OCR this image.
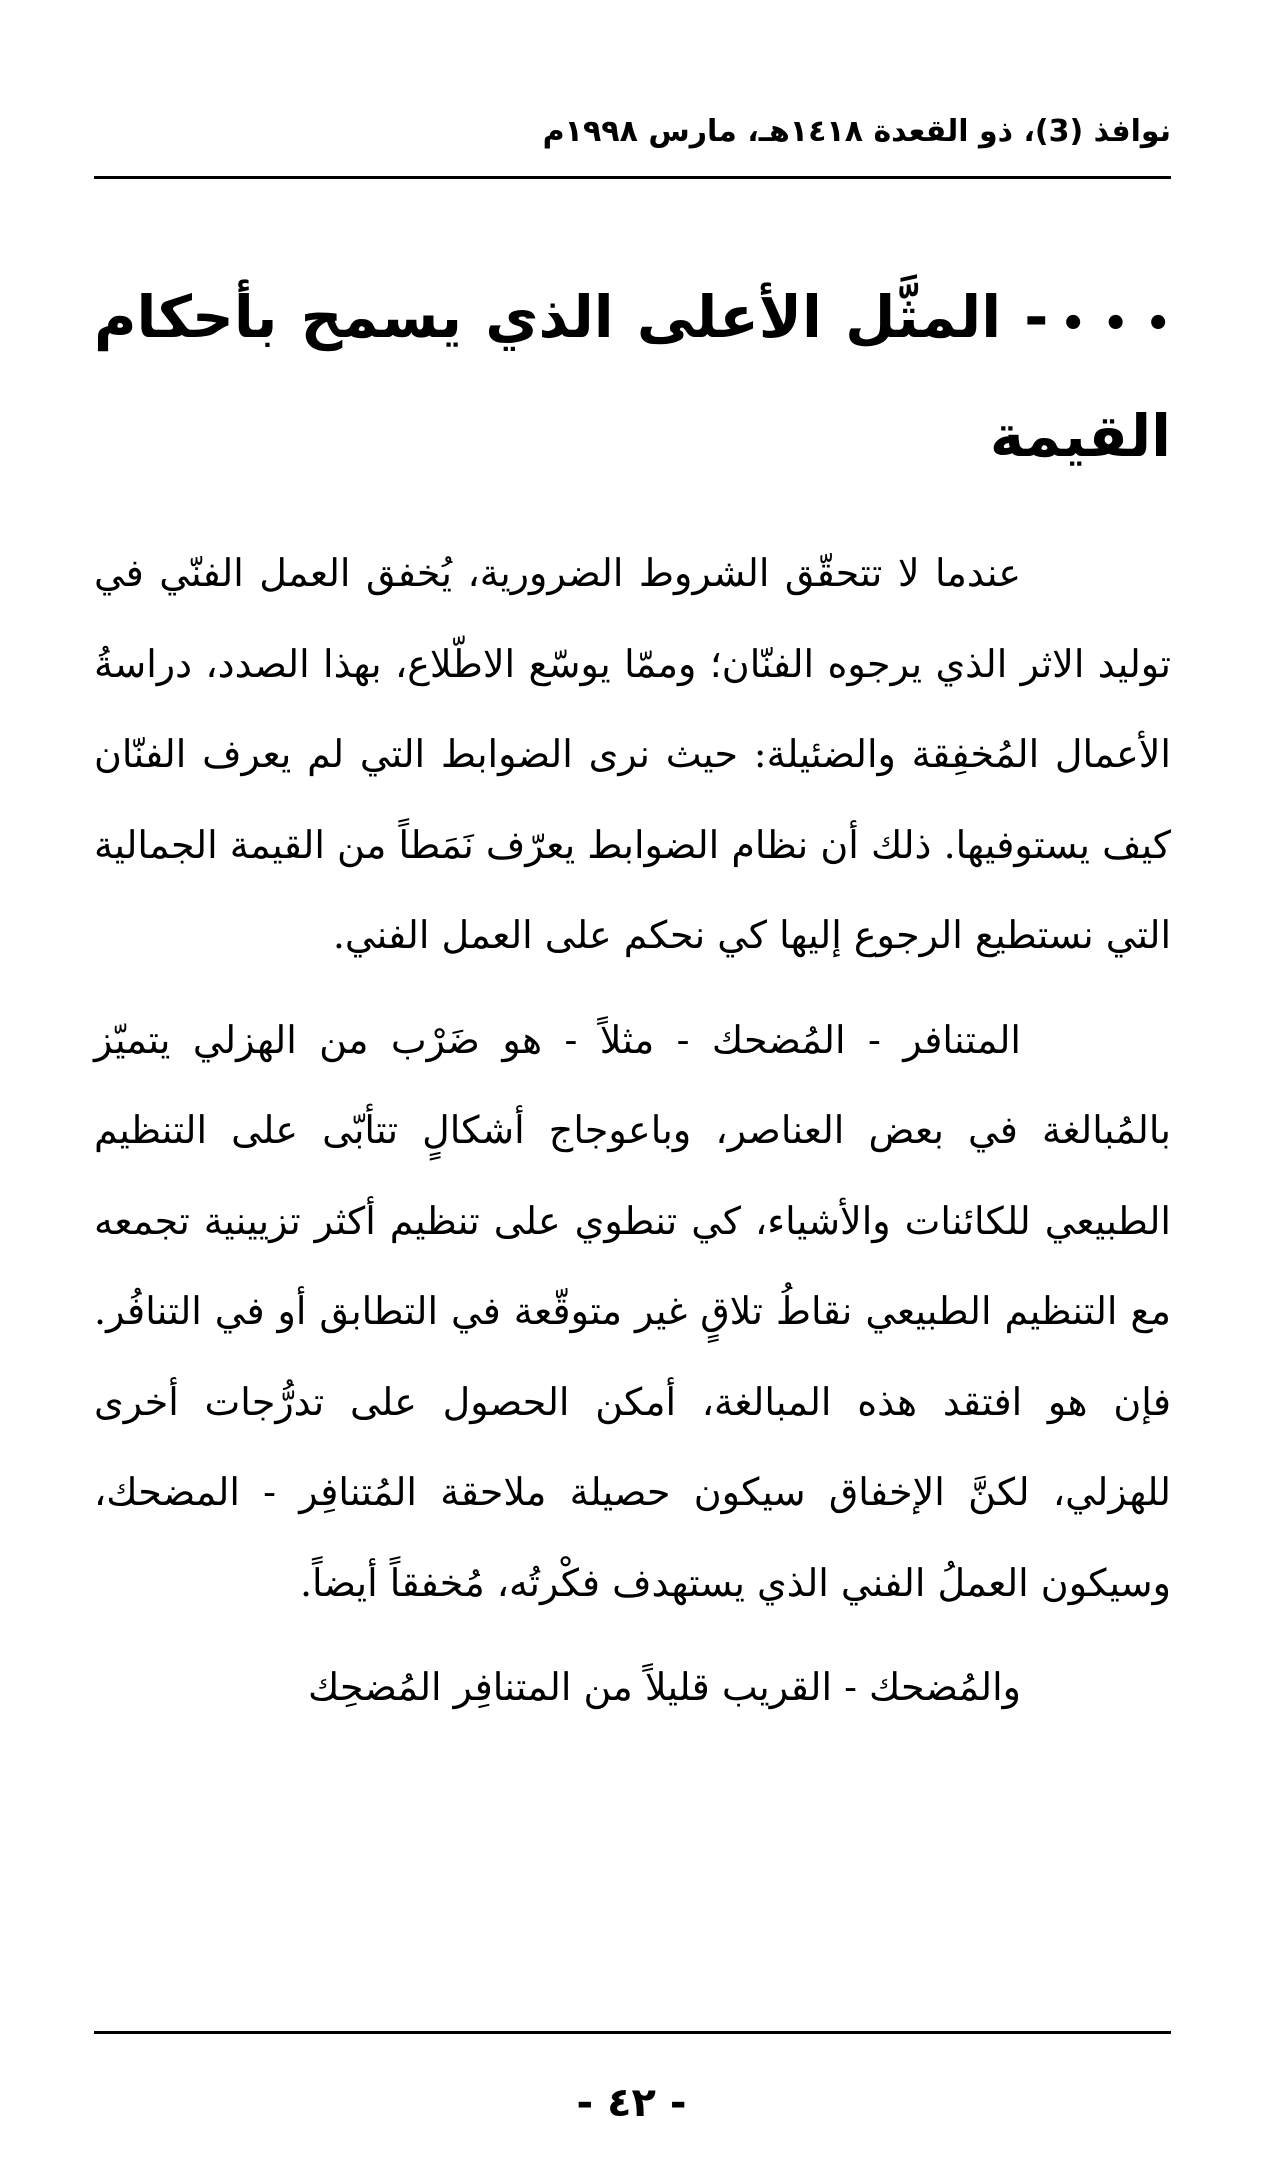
نوافذ (3)، ذو القعدة ١٤١٨هـ، مارس ١٩٩٨م
• • •- المثَّل الأعلى الذي يسمح بأحكام القيمة

عندما لا تتحقّق الشروط الضرورية، يُخفق العمل الفنّي في توليد الاثر الذي يرجوه الفنّان؛ وممّا يوسّع الاطّلاع، بهذا الصدد، دراسةُ الأعمال المُخفِقة والضئيلة: حيث نرى الضوابط التي لم يعرف الفنّان كيف يستوفيها. ذلك أن نظام الضوابط يعرّف نَمَطاً من القيمة الجمالية التي نستطيع الرجوع إليها كي نحكم على العمل الفني.

المتنافر - المُضحك - مثلاً - هو ضَرْب من الهزلي يتميّز بالمُبالغة في بعض العناصر، وباعوجاج أشكالٍ تتأبّى على التنظيم الطبيعي للكائنات والأشياء، كي تنطوي على تنظيم أكثر تزيينية تجمعه مع التنظيم الطبيعي نقاطُ تلاقٍ غير متوقّعة في التطابق أو في التنافُر. فإن هو افتقد هذه المبالغة، أمكن الحصول على تدرُّجات أخرى للهزلي، لكنَّ الإخفاق سيكون حصيلة ملاحقة المُتنافِر - المضحك، وسيكون العملُ الفني الذي يستهدف فكْرتُه، مُخفقاً أيضاً.

والمُضحك - القريب قليلاً من المتنافِر المُضحِك

- ٤٢ -
